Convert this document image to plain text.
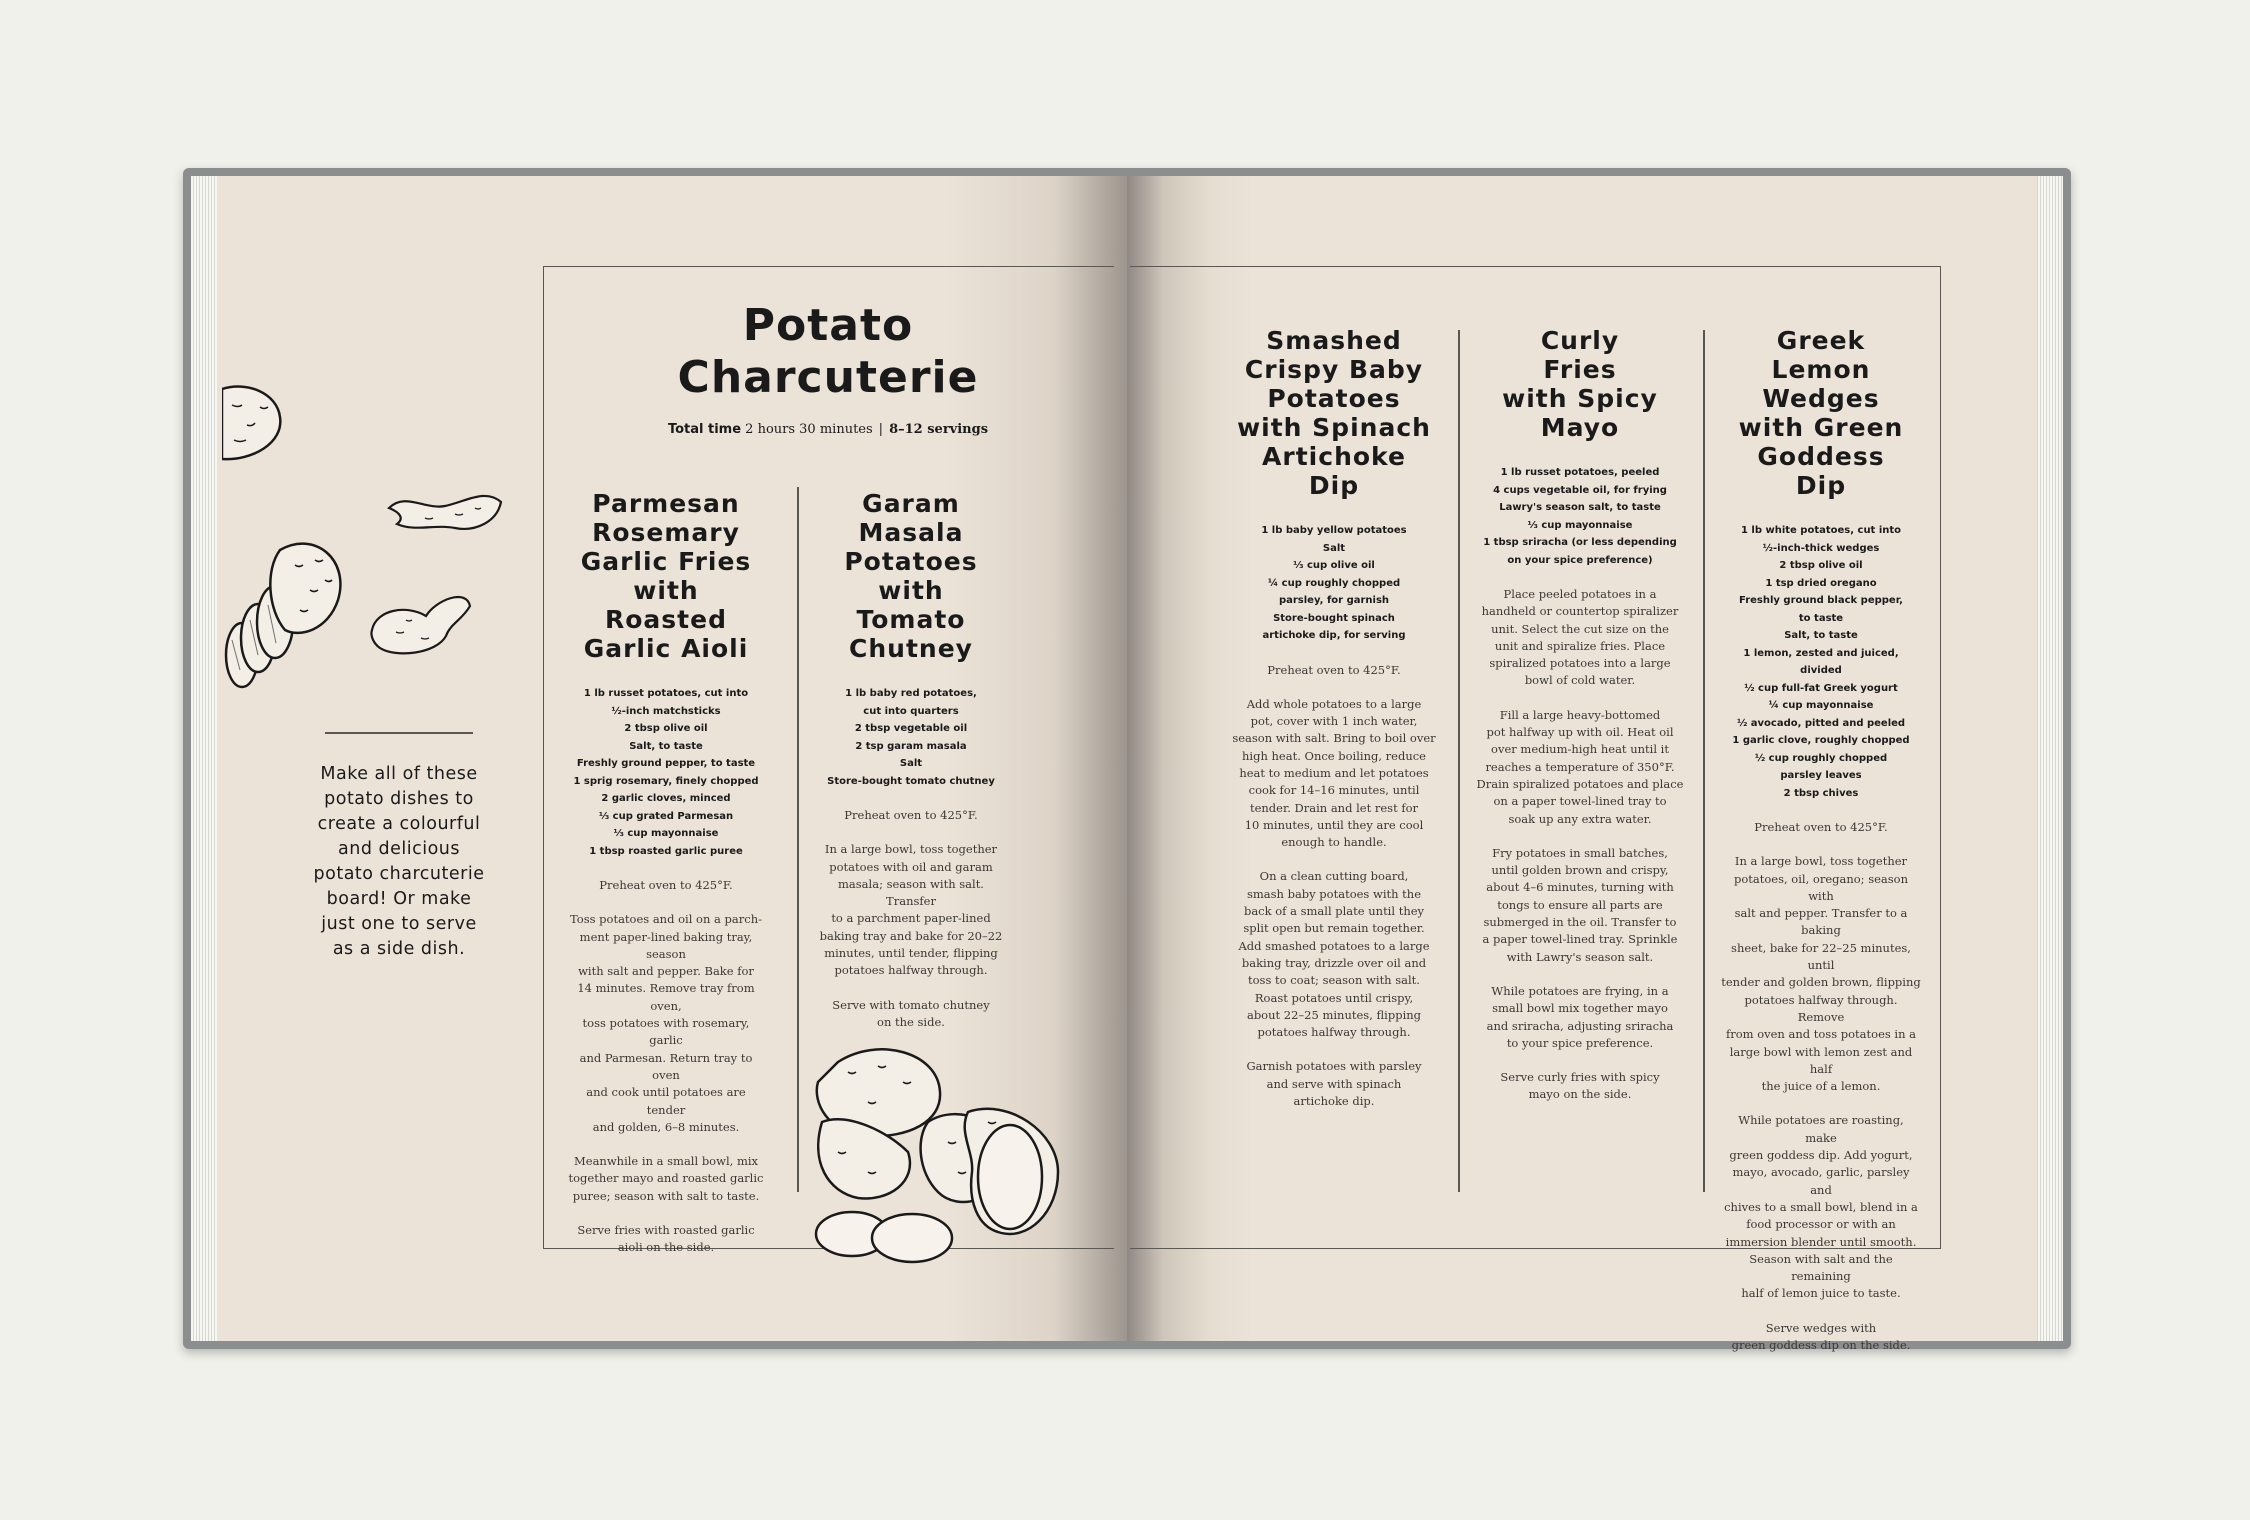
Potato
Charcuterie
Total time 2 hours 30 minutes | 8–12 servings
Make all of these potato dishes to create a colourful and delicious potato charcuterie board! Or make just one to serve as a side dish.
Parmesan
Rosemary
Garlic Fries
with
Roasted
Garlic Aioli
1 lb russet potatoes, cut into
½-inch matchsticks
2 tbsp olive oil
Salt, to taste
Freshly ground pepper, to taste
1 sprig rosemary, finely chopped
2 garlic cloves, minced
⅓ cup grated Parmesan
⅓ cup mayonnaise
1 tbsp roasted garlic puree

Preheat oven to 425°F.

Toss potatoes and oil on a parch-
ment paper-lined baking tray, season
with salt and pepper. Bake for
14 minutes. Remove tray from oven,
toss potatoes with rosemary, garlic
and Parmesan. Return tray to oven
and cook until potatoes are tender
and golden, 6–8 minutes.

Meanwhile in a small bowl, mix
together mayo and roasted garlic
puree; season with salt to taste.

Serve fries with roasted garlic
aioli on the side.

Garam
Masala
Potatoes
with
Tomato
Chutney
1 lb baby red potatoes,
cut into quarters
2 tbsp vegetable oil
2 tsp garam masala
Salt
Store-bought tomato chutney

Preheat oven to 425°F.

In a large bowl, toss together
potatoes with oil and garam
masala; season with salt. Transfer
to a parchment paper-lined
baking tray and bake for 20–22
minutes, until tender, flipping
potatoes halfway through.

Serve with tomato chutney
on the side.

Smashed
Crispy Baby
Potatoes
with Spinach
Artichoke
Dip
1 lb baby yellow potatoes
Salt
⅓ cup olive oil
¼ cup roughly chopped
parsley, for garnish
Store-bought spinach
artichoke dip, for serving

Preheat oven to 425°F.

Add whole potatoes to a large
pot, cover with 1 inch water,
season with salt. Bring to boil over
high heat. Once boiling, reduce
heat to medium and let potatoes
cook for 14–16 minutes, until
tender. Drain and let rest for
10 minutes, until they are cool
enough to handle.

On a clean cutting board,
smash baby potatoes with the
back of a small plate until they
split open but remain together.
Add smashed potatoes to a large
baking tray, drizzle over oil and
toss to coat; season with salt.
Roast potatoes until crispy,
about 22–25 minutes, flipping
potatoes halfway through.

Garnish potatoes with parsley
and serve with spinach
artichoke dip.

Curly
Fries
with Spicy
Mayo
1 lb russet potatoes, peeled
4 cups vegetable oil, for frying
Lawry's season salt, to taste
⅓ cup mayonnaise
1 tbsp sriracha (or less depending
on your spice preference)

Place peeled potatoes in a
handheld or countertop spiralizer
unit. Select the cut size on the
unit and spiralize fries. Place
spiralized potatoes into a large
bowl of cold water.

Fill a large heavy-bottomed
pot halfway up with oil. Heat oil
over medium-high heat until it
reaches a temperature of 350°F.
Drain spiralized potatoes and place
on a paper towel-lined tray to
soak up any extra water.

Fry potatoes in small batches,
until golden brown and crispy,
about 4–6 minutes, turning with
tongs to ensure all parts are
submerged in the oil. Transfer to
a paper towel-lined tray. Sprinkle
with Lawry's season salt.

While potatoes are frying, in a
small bowl mix together mayo
and sriracha, adjusting sriracha
to your spice preference.

Serve curly fries with spicy
mayo on the side.

Greek
Lemon
Wedges
with Green
Goddess
Dip
1 lb white potatoes, cut into
½-inch-thick wedges
2 tbsp olive oil
1 tsp dried oregano
Freshly ground black pepper,
to taste
Salt, to taste
1 lemon, zested and juiced, divided
½ cup full-fat Greek yogurt
¼ cup mayonnaise
½ avocado, pitted and peeled
1 garlic clove, roughly chopped
½ cup roughly chopped
parsley leaves
2 tbsp chives

Preheat oven to 425°F.

In a large bowl, toss together
potatoes, oil, oregano; season with
salt and pepper. Transfer to a baking
sheet, bake for 22–25 minutes, until
tender and golden brown, flipping
potatoes halfway through. Remove
from oven and toss potatoes in a
large bowl with lemon zest and half
the juice of a lemon.

While potatoes are roasting, make
green goddess dip. Add yogurt,
mayo, avocado, garlic, parsley and
chives to a small bowl, blend in a
food processor or with an
immersion blender until smooth.
Season with salt and the remaining
half of lemon juice to taste.

Serve wedges with
green goddess dip on the side.
